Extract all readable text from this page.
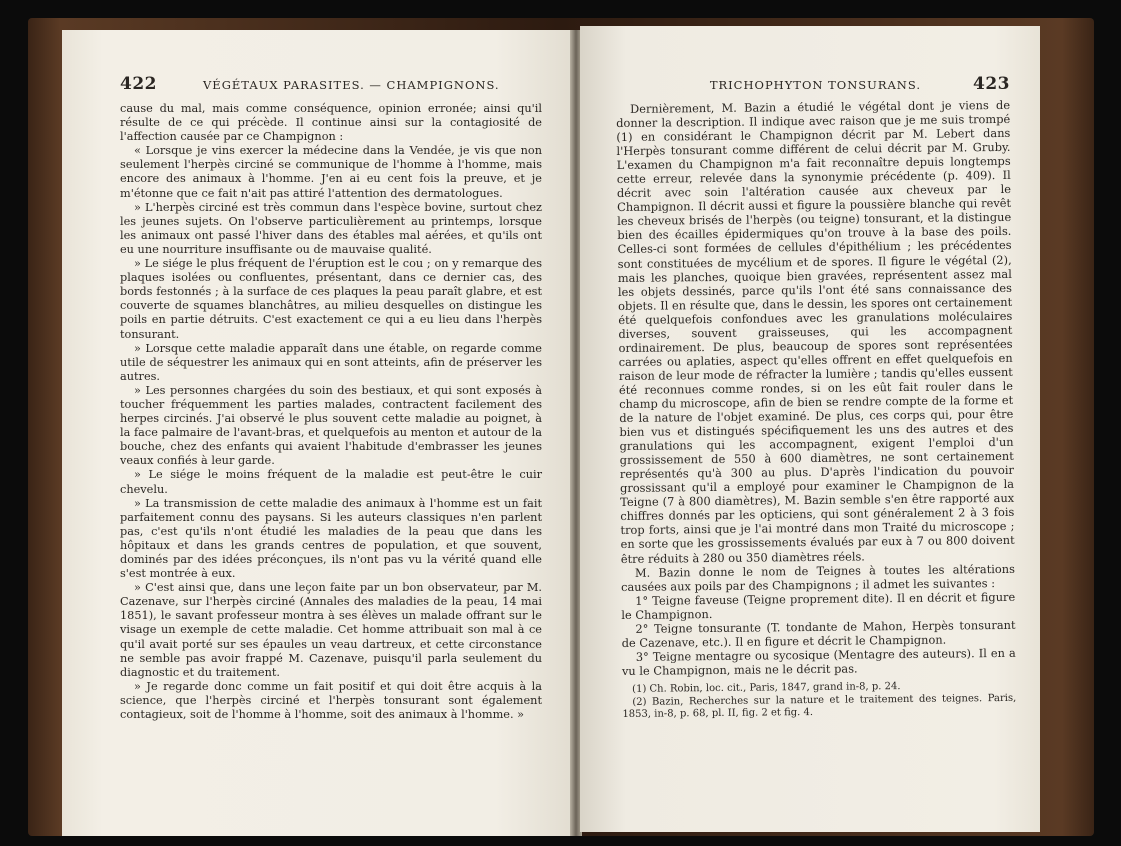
422	VÉGÉTAUX PARASITES. — CHAMPIGNONS.

cause du mal, mais comme conséquence, opinion erronée; ainsi qu'il résulte de ce qui précède. Il continue ainsi sur la contagiosité de l'affection causée par ce Champignon :

« Lorsque je vins exercer la médecine dans la Vendée, je vis que non seulement l'herpès circiné se communique de l'homme à l'homme, mais encore des animaux à l'homme. J'en ai eu cent fois la preuve, et je m'étonne que ce fait n'ait pas attiré l'attention des dermatologues.

» L'herpès circiné est très commun dans l'espèce bovine, surtout chez les jeunes sujets. On l'observe particulièrement au printemps, lorsque les animaux ont passé l'hiver dans des étables mal aérées, et qu'ils ont eu une nourriture insuffisante ou de mauvaise qualité.

» Le siége le plus fréquent de l'éruption est le cou ; on y remarque des plaques isolées ou confluentes, présentant, dans ce dernier cas, des bords festonnés ; à la surface de ces plaques la peau paraît glabre, et est couverte de squames blanchâtres, au milieu desquelles on distingue les poils en partie détruits. C'est exactement ce qui a eu lieu dans l'herpès tonsurant.

» Lorsque cette maladie apparaît dans une étable, on regarde comme utile de séquestrer les animaux qui en sont atteints, afin de préserver les autres.

» Les personnes chargées du soin des bestiaux, et qui sont exposés à toucher fréquemment les parties malades, contractent facilement des herpes circinés. J'ai observé le plus souvent cette maladie au poignet, à la face palmaire de l'avant-bras, et quelquefois au menton et autour de la bouche, chez des enfants qui avaient l'habitude d'embrasser les jeunes veaux confiés à leur garde.

» Le siége le moins fréquent de la maladie est peut-être le cuir chevelu.

» La transmission de cette maladie des animaux à l'homme est un fait parfaitement connu des paysans. Si les auteurs classiques n'en parlent pas, c'est qu'ils n'ont étudié les maladies de la peau que dans les hôpitaux et dans les grands centres de population, et que souvent, dominés par des idées préconçues, ils n'ont pas vu la vérité quand elle s'est montrée à eux.

» C'est ainsi que, dans une leçon faite par un bon observateur, par M. Cazenave, sur l'herpès circiné (Annales des maladies de la peau, 14 mai 1851), le savant professeur montra à ses élèves un malade offrant sur le visage un exemple de cette maladie. Cet homme attribuait son mal à ce qu'il avait porté sur ses épaules un veau dartreux, et cette circonstance ne semble pas avoir frappé M. Cazenave, puisqu'il parla seulement du diagnostic et du traitement.

» Je regarde donc comme un fait positif et qui doit être acquis à la science, que l'herpès circiné et l'herpès tonsurant sont également contagieux, soit de l'homme à l'homme, soit des animaux à l'homme. »

TRICHOPHYTON TONSURANS.	423

Dernièrement, M. Bazin a étudié le végétal dont je viens de donner la description. Il indique avec raison que je me suis trompé (1) en considérant le Champignon décrit par M. Lebert dans l'Herpès tonsurant comme différent de celui décrit par M. Gruby. L'examen du Champignon m'a fait reconnaître depuis longtemps cette erreur, relevée dans la synonymie précédente (p. 409). Il décrit avec soin l'altération causée aux cheveux par le Champignon. Il décrit aussi et figure la poussière blanche qui revêt les cheveux brisés de l'herpès (ou teigne) tonsurant, et la distingue bien des écailles épidermiques qu'on trouve à la base des poils. Celles-ci sont formées de cellules d'épithélium ; les précédentes sont constituées de mycélium et de spores. Il figure le végétal (2), mais les planches, quoique bien gravées, représentent assez mal les objets dessinés, parce qu'ils l'ont été sans connaissance des objets. Il en résulte que, dans le dessin, les spores ont certainement été quelquefois confondues avec les granulations moléculaires diverses, souvent graisseuses, qui les accompagnent ordinairement. De plus, beaucoup de spores sont représentées carrées ou aplaties, aspect qu'elles offrent en effet quelquefois en raison de leur mode de réfracter la lumière ; tandis qu'elles eussent été reconnues comme rondes, si on les eût fait rouler dans le champ du microscope, afin de bien se rendre compte de la forme et de la nature de l'objet examiné. De plus, ces corps qui, pour être bien vus et distingués spécifiquement les uns des autres et des granulations qui les accompagnent, exigent l'emploi d'un grossissement de 550 à 600 diamètres, ne sont certainement représentés qu'à 300 au plus. D'après l'indication du pouvoir grossissant qu'il a employé pour examiner le Champignon de la Teigne (7 à 800 diamètres), M. Bazin semble s'en être rapporté aux chiffres donnés par les opticiens, qui sont généralement 2 à 3 fois trop forts, ainsi que je l'ai montré dans mon Traité du microscope ; en sorte que les grossissements évalués par eux à 7 ou 800 doivent être réduits à 280 ou 350 diamètres réels.

M. Bazin donne le nom de Teignes à toutes les altérations causées aux poils par des Champignons ; il admet les suivantes :

1° Teigne faveuse (Teigne proprement dite). Il en décrit et figure le Champignon.

2° Teigne tonsurante (T. tondante de Mahon, Herpès tonsurant de Cazenave, etc.). Il en figure et décrit le Champignon.

3° Teigne mentagre ou sycosique (Mentagre des auteurs). Il en a vu le Champignon, mais ne le décrit pas.

(1) Ch. Robin, loc. cit., Paris, 1847, grand in-8, p. 24.

(2) Bazin, Recherches sur la nature et le traitement des teignes. Paris, 1853, in-8, p. 68, pl. II, fig. 2 et fig. 4.
